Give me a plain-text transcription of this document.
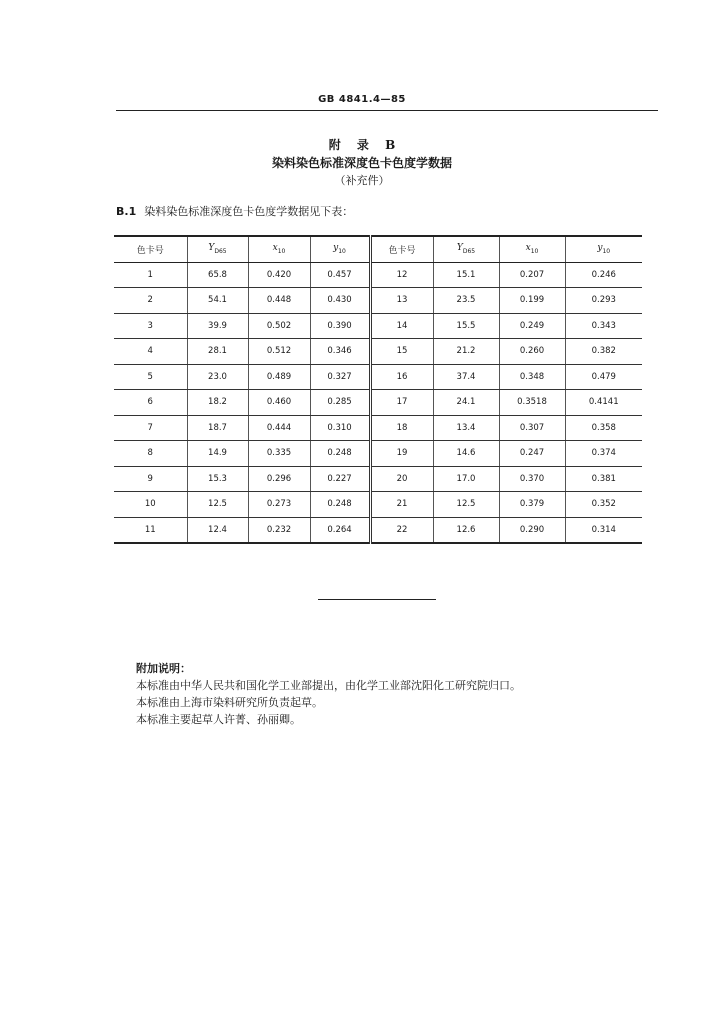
GB 4841.4—85
附 录 B
染料染色标准深度色卡色度学数据
（补充件）
B.1 染料染色标准深度色卡色度学数据见下表：
色卡号	$Y_{D65}$	$x_{10}$	$y_{10}$	色卡号	$Y_{D65}$	$x_{10}$	$y_{10}$
1	65.8	0.420	0.457	12	15.1	0.207	0.246
2	54.1	0.448	0.430	13	23.5	0.199	0.293
3	39.9	0.502	0.390	14	15.5	0.249	0.343
4	28.1	0.512	0.346	15	21.2	0.260	0.382
5	23.0	0.489	0.327	16	37.4	0.348	0.479
6	18.2	0.460	0.285	17	24.1	0.3518	0.4141
7	18.7	0.444	0.310	18	13.4	0.307	0.358
8	14.9	0.335	0.248	19	14.6	0.247	0.374
9	15.3	0.296	0.227	20	17.0	0.370	0.381
10	12.5	0.273	0.248	21	12.5	0.379	0.352
11	12.4	0.232	0.264	22	12.6	0.290	0.314
附加说明：
本标准由中华人民共和国化学工业部提出，由化学工业部沈阳化工研究院归口。
本标准由上海市染料研究所负责起草。
本标准主要起草人许菁、孙丽卿。
